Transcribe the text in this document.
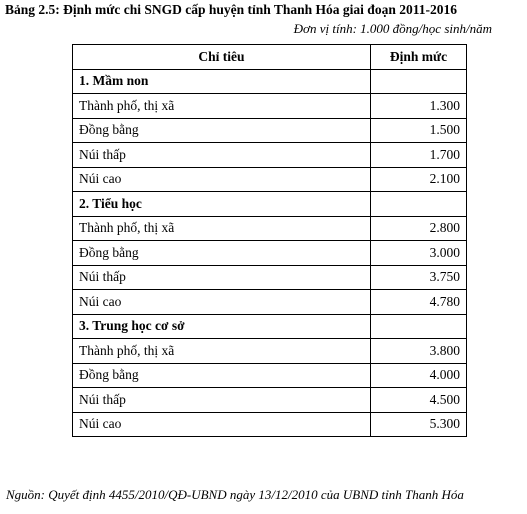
Bảng 2.5: Định mức chi SNGD cấp huyện tỉnh Thanh Hóa giai đoạn 2011-2016
Đơn vị tính: 1.000 đồng/học sinh/năm
Chỉ tiêu	Định mức
1. Mầm non	
Thành phố, thị xã	1.300
Đồng bằng	1.500
Núi thấp	1.700
Núi cao	2.100
2. Tiểu học	
Thành phố, thị xã	2.800
Đồng bằng	3.000
Núi thấp	3.750
Núi cao	4.780
3. Trung học cơ sở	
Thành phố, thị xã	3.800
Đồng bằng	4.000
Núi thấp	4.500
Núi cao	5.300
Nguồn: Quyết định 4455/2010/QĐ-UBND ngày 13/12/2010 của UBND tỉnh Thanh Hóa
